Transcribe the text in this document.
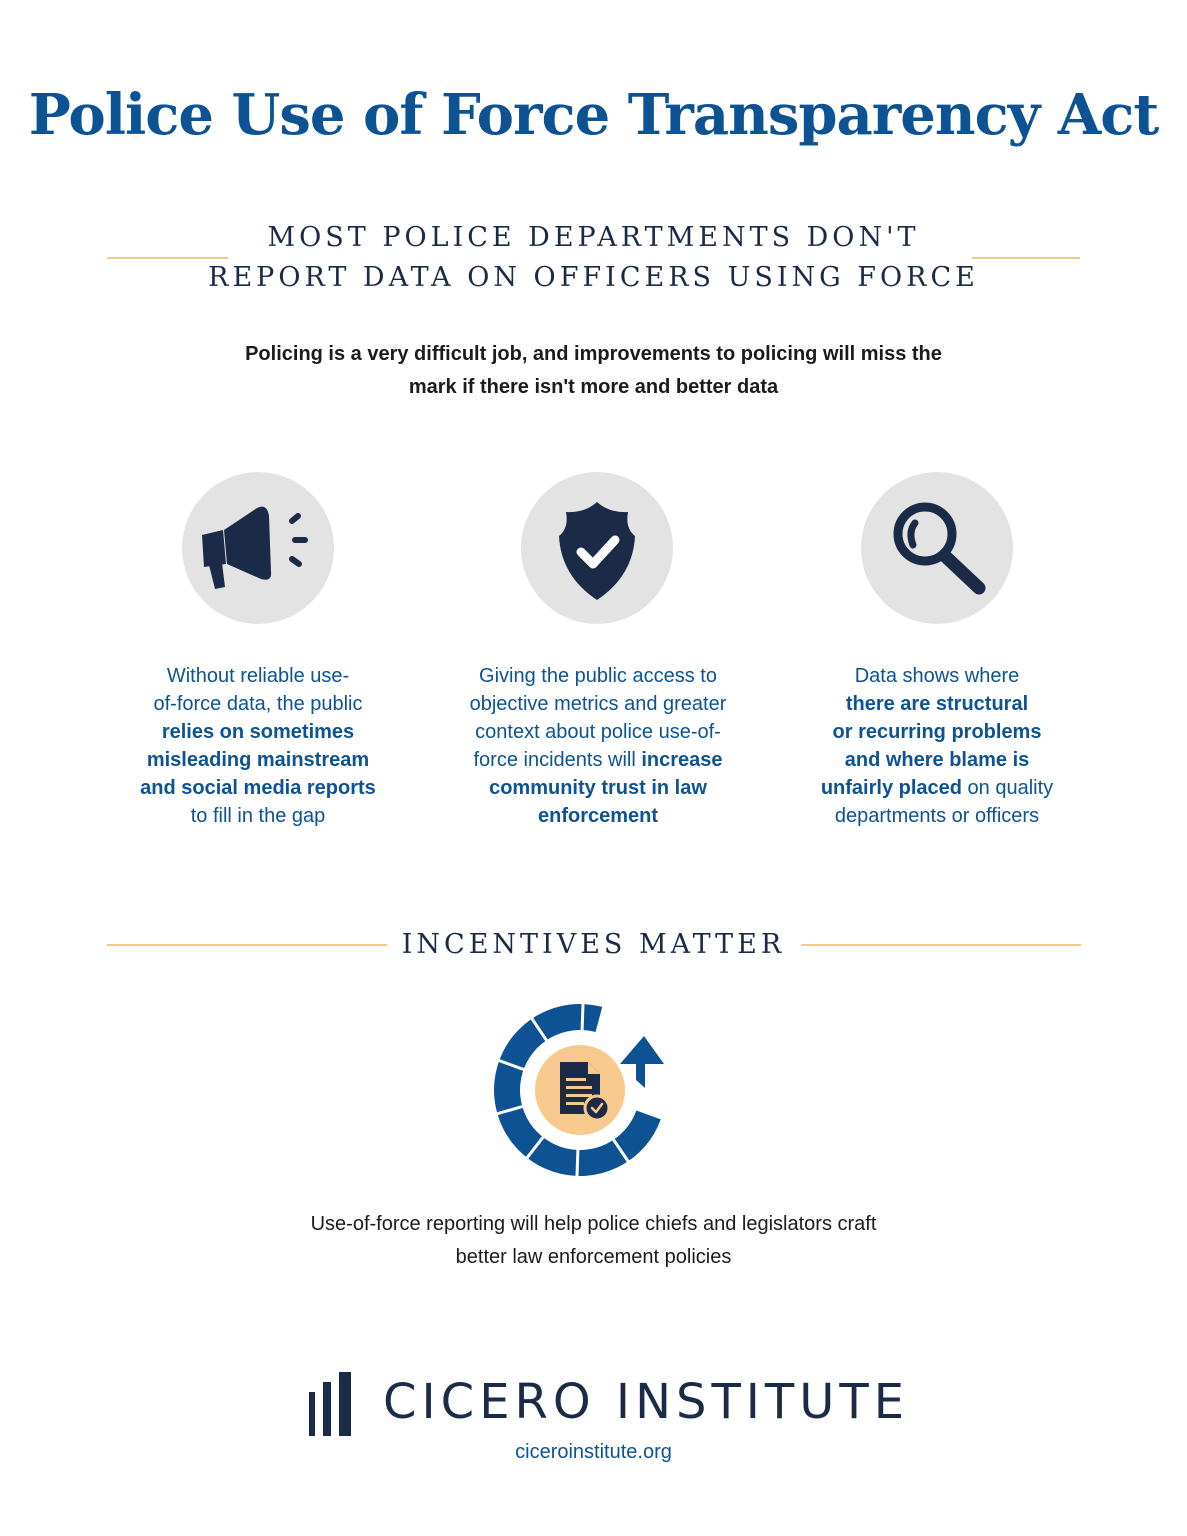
Police Use of Force Transparency Act
MOST POLICE DEPARTMENTS DON'T
REPORT DATA ON OFFICERS USING FORCE

Policing is a very difficult job, and improvements to policing will miss the
mark if there isn't more and better data

Without reliable use-
of-force data, the public
relies on sometimes
misleading mainstream
and social media reports
to fill in the gap

Giving the public access to
objective metrics and greater
context about police use-of-
force incidents will increase
community trust in law
enforcement

Data shows where
there are structural
or recurring problems
and where blame is
unfairly placed on quality
departments or officers

INCENTIVES MATTER

Use-of-force reporting will help police chiefs and legislators craft
better law enforcement policies

CICERO INSTITUTE
ciceroinstitute.org
